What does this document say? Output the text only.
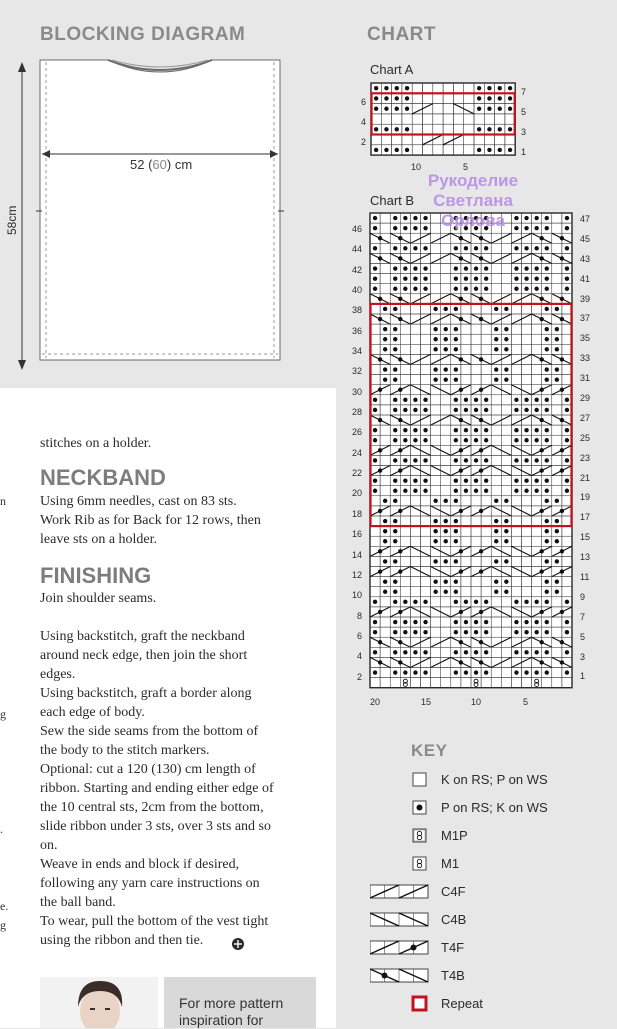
BLOCKING DIAGRAM
52 (60) cm
58cm
CHART
Chart A
6
4
2
7
5
3
1
10	5
Chart B
46
44
42
40
38
36
34
32
30
28
26
24
22
20
18
16
14
12
10
8
6
4
2
47
45
43
41
39
37
35
33
31
29
27
25
23
21
19
17
15
13
11
9
7
5
3
1
20	15	10	5
Рукоделие
Светлана
Орлова
stitches on a holder.
NECKBAND
Using 6mm needles, cast on 83 sts.
Work Rib as for Back for 12 rows, then
leave sts on a holder.
FINISHING
Join shoulder seams.
Using backstitch, graft the neckband
around neck edge, then join the short
edges.
Using backstitch, graft a border along
each edge of body.
Sew the side seams from the bottom of
the body to the stitch markers.
Optional: cut a 120 (130) cm length of
ribbon. Starting and ending either edge of
the 10 central sts, 2cm from the bottom,
slide ribbon under 3 sts, over 3 sts and so
on.
Weave in ends and block if desired,
following any yarn care instructions on
the ball band.
To wear, pull the bottom of the vest tight
using the ribbon and then tie.
n
g
.
e.
g
For more pattern inspiration for
KEY
K on RS; P on WS
P on RS; K on WS
M1P
M1
C4F
C4B
T4F
T4B
Repeat
